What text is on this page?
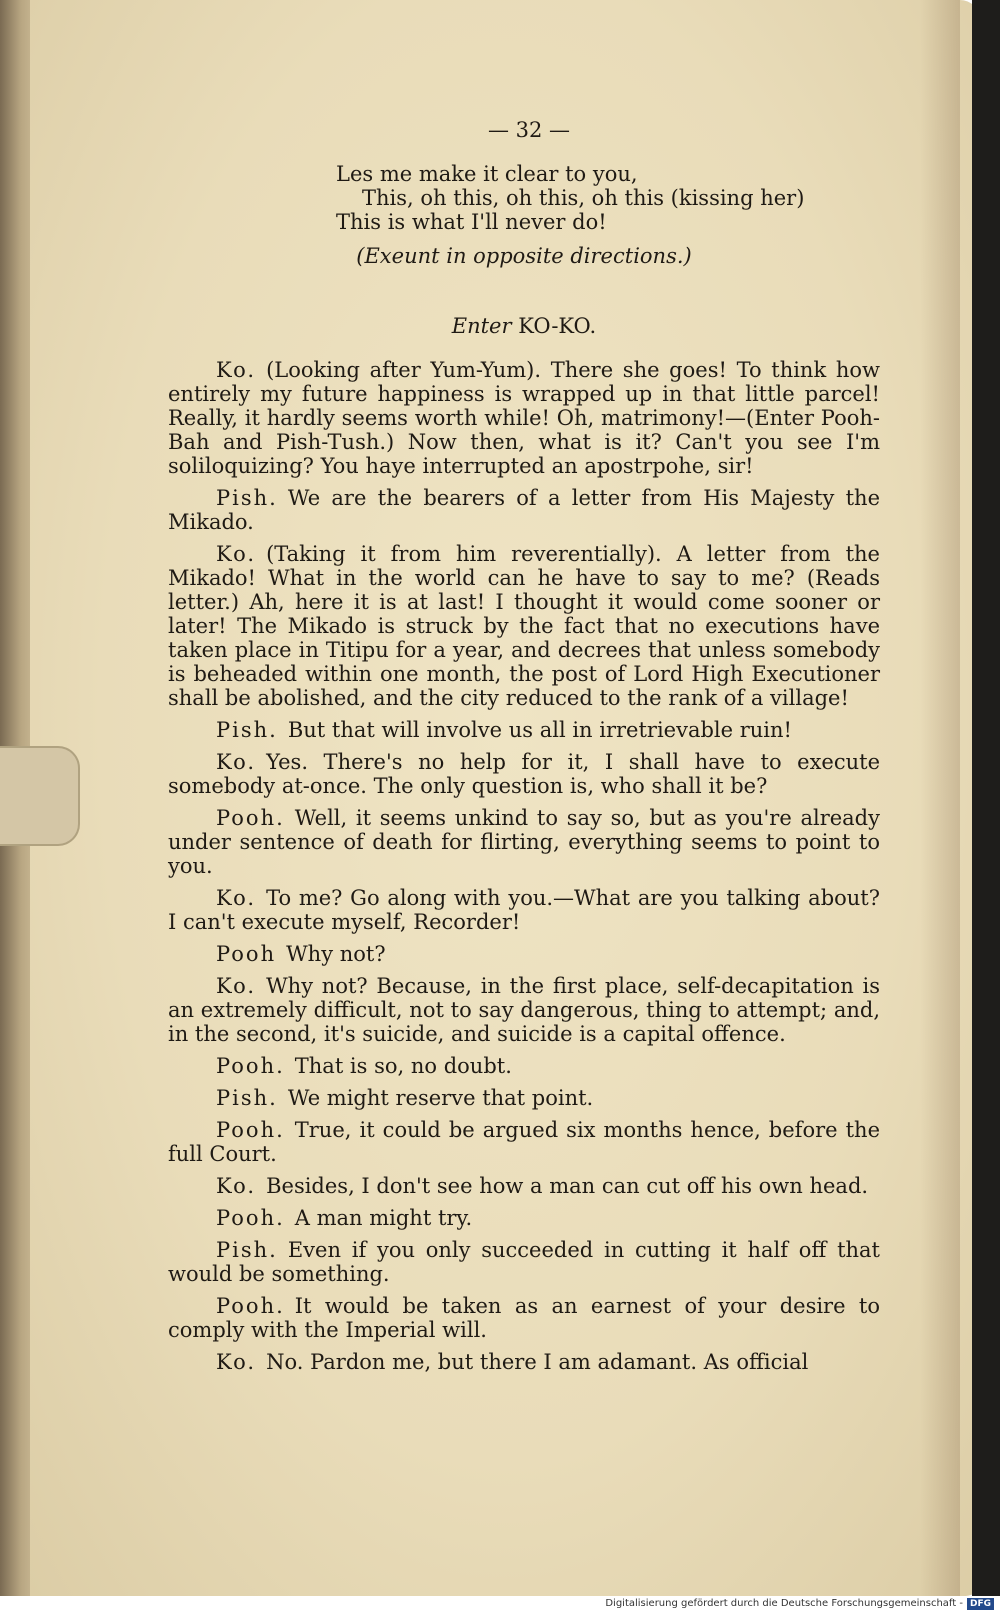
— 32 —
Les me make it clear to you,
This, oh this, oh this, oh this (kissing her)
This is what I'll never do!
(Exeunt in opposite directions.)
Enter KO-KO.

Ko. (Looking after Yum-Yum). There she goes! To think how entirely my future happiness is wrapped up in that little parcel! Really, it hardly seems worth while! Oh, matrimony!—(Enter Pooh-Bah and Pish-Tush.) Now then, what is it? Can't you see I'm soliloquizing? You haye interrupted an apostrpohe, sir!

Pish. We are the bearers of a letter from His Majesty the Mikado.

Ko. (Taking it from him reverentially). A letter from the Mikado! What in the world can he have to say to me? (Reads letter.) Ah, here it is at last! I thought it would come sooner or later! The Mikado is struck by the fact that no executions have taken place in Titipu for a year, and decrees that unless somebody is beheaded within one month, the post of Lord High Executioner shall be abolished, and the city reduced to the rank of a village!

Pish. But that will involve us all in irretrievable ruin!

Ko. Yes. There's no help for it, I shall have to execute somebody at-once. The only question is, who shall it be?

Pooh. Well, it seems unkind to say so, but as you're already under sentence of death for flirting, everything seems to point to you.

Ko. To me? Go along with you.—What are you talking about? I can't execute myself, Recorder!

Pooh Why not?

Ko. Why not? Because, in the first place, self-decapitation is an extremely difficult, not to say dangerous, thing to attempt; and, in the second, it's suicide, and suicide is a capital offence.

Pooh. That is so, no doubt.

Pish. We might reserve that point.

Pooh. True, it could be argued six months hence, before the full Court.

Ko. Besides, I don't see how a man can cut off his own head.

Pooh. A man might try.

Pish. Even if you only succeeded in cutting it half off that would be something.

Pooh. It would be taken as an earnest of your desire to comply with the Imperial will.

Ko. No. Pardon me, but there I am adamant. As official

Digitalisierung gefördert durch die Deutsche Forschungsgemeinschaft - DFG
